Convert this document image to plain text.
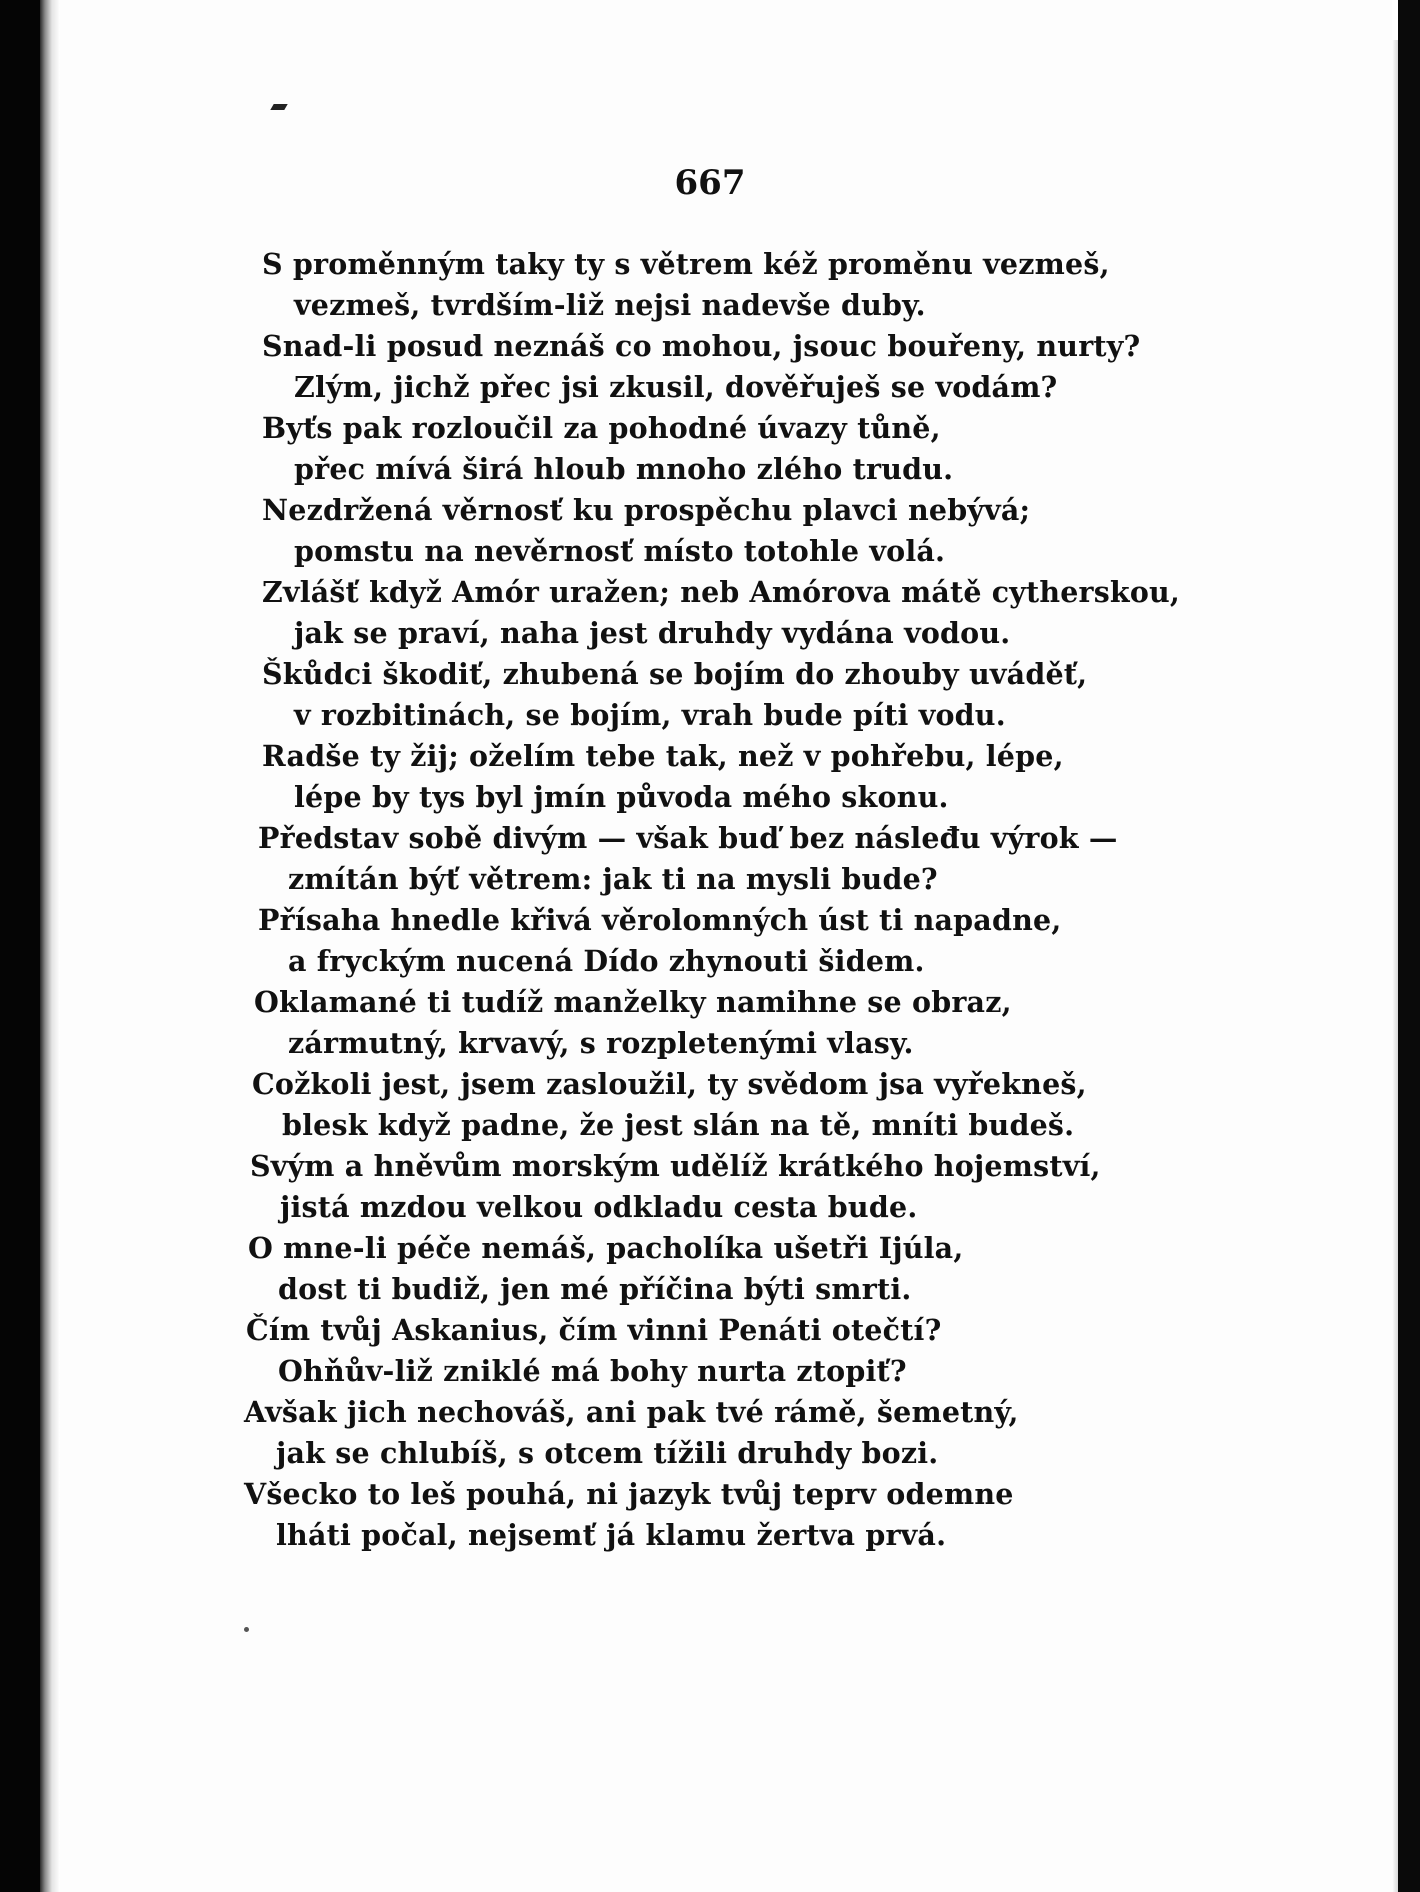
667
S proměnným taky ty s větrem kéž proměnu vezmeš,
vezmeš, tvrdším-liž nejsi nadevše duby.
Snad-li posud neznáš co mohou, jsouc bouřeny, nurty?
Zlým, jichž přec jsi zkusil, dověřuješ se vodám?
Byťs pak rozloučil za pohodné úvazy tůně,
přec mívá širá hloub mnoho zlého trudu.
Nezdržená věrnosť ku prospěchu plavci nebývá;
pomstu na nevěrnosť místo totohle volá.
Zvlášť když Amór uražen; neb Amórova mátě cytherskou,
jak se praví, naha jest druhdy vydána vodou.
Škůdci škodiť, zhubená se bojím do zhouby uváděť,
v rozbitinách, se bojím, vrah bude píti vodu.
Radše ty žij; oželím tebe tak, než v pohřebu, lépe,
lépe by tys byl jmín původa mého skonu.
Představ sobě divým — však buď bez násleđu výrok —
zmítán býť větrem: jak ti na mysli bude?
Přísaha hnedle křivá věrolomných úst ti napadne,
a fryckým nucená Dído zhynouti šidem.
Oklamané ti tudíž manželky namihne se obraz,
zármutný, krvavý, s rozpletenými vlasy.
Cožkoli jest, jsem zasloužil, ty svědom jsa vyřekneš,
blesk když padne, že jest slán na tě, mníti budeš.
Svým a hněvům morským udělíž krátkého hojemství,
jistá mzdou velkou odkladu cesta bude.
O mne-li péče nemáš, pacholíka ušetři Ijúla,
dost ti budiž, jen mé příčina býti smrti.
Čím tvůj Askanius, čím vinni Penáti otečtí?
Ohňův-liž zniklé má bohy nurta ztopiť?
Avšak jich nechováš, ani pak tvé rámě, šemetný,
jak se chlubíš, s otcem tížili druhdy bozi.
Všecko to leš pouhá, ni jazyk tvůj teprv odemne
lháti počal, nejsemť já klamu žertva prvá.
